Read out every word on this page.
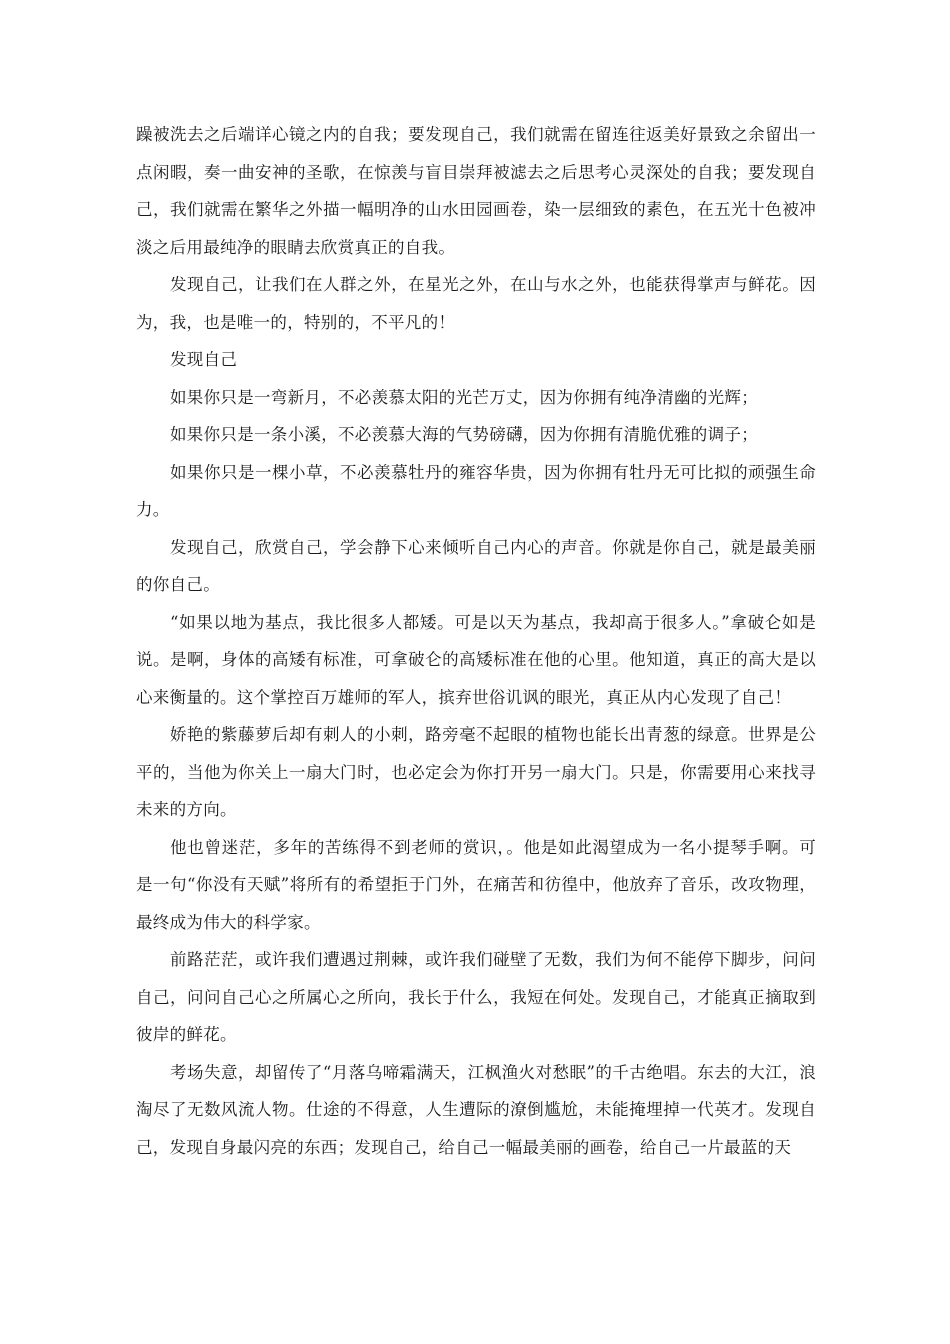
躁被洗去之后端详心镜之内的自我；要发现自己，我们就需在留连往返美好景致之余留出一点闲暇，奏一曲安神的圣歌，在惊羡与盲目崇拜被滤去之后思考心灵深处的自我；要发现自己，我们就需在繁华之外描一幅明净的山水田园画卷，染一层细致的素色，在五光十色被冲淡之后用最纯净的眼睛去欣赏真正的自我。

发现自己，让我们在人群之外，在星光之外，在山与水之外，也能获得掌声与鲜花。因为，我，也是唯一的，特别的，不平凡的！

发现自己

如果你只是一弯新月，不必羡慕太阳的光芒万丈，因为你拥有纯净清幽的光辉；

如果你只是一条小溪，不必羡慕大海的气势磅礴，因为你拥有清脆优雅的调子；

如果你只是一棵小草，不必羡慕牡丹的雍容华贵，因为你拥有牡丹无可比拟的顽强生命力。

发现自己，欣赏自己，学会静下心来倾听自己内心的声音。你就是你自己，就是最美丽的你自己。

“如果以地为基点，我比很多人都矮。可是以天为基点，我却高于很多人。”拿破仑如是说。是啊，身体的高矮有标准，可拿破仑的高矮标准在他的心里。他知道，真正的高大是以心来衡量的。这个掌控百万雄师的军人，摈弃世俗讥讽的眼光，真正从内心发现了自己！

娇艳的紫藤萝后却有刺人的小刺，路旁毫不起眼的植物也能长出青葱的绿意。世界是公平的，当他为你关上一扇大门时，也必定会为你打开另一扇大门。只是，你需要用心来找寻未来的方向。

他也曾迷茫，多年的苦练得不到老师的赏识，。他是如此渴望成为一名小提琴手啊。可是一句“你没有天赋”将所有的希望拒于门外，在痛苦和彷徨中，他放弃了音乐，改攻物理，最终成为伟大的科学家。

前路茫茫，或许我们遭遇过荆棘，或许我们碰壁了无数，我们为何不能停下脚步，问问自己，问问自己心之所属心之所向，我长于什么，我短在何处。发现自己，才能真正摘取到彼岸的鲜花。

考场失意，却留传了“月落乌啼霜满天，江枫渔火对愁眠”的千古绝唱。东去的大江，浪淘尽了无数风流人物。仕途的不得意，人生遭际的潦倒尴尬，未能掩埋掉一代英才。发现自己，发现自身最闪亮的东西；发现自己，给自己一幅最美丽的画卷，给自己一片最蓝的天
